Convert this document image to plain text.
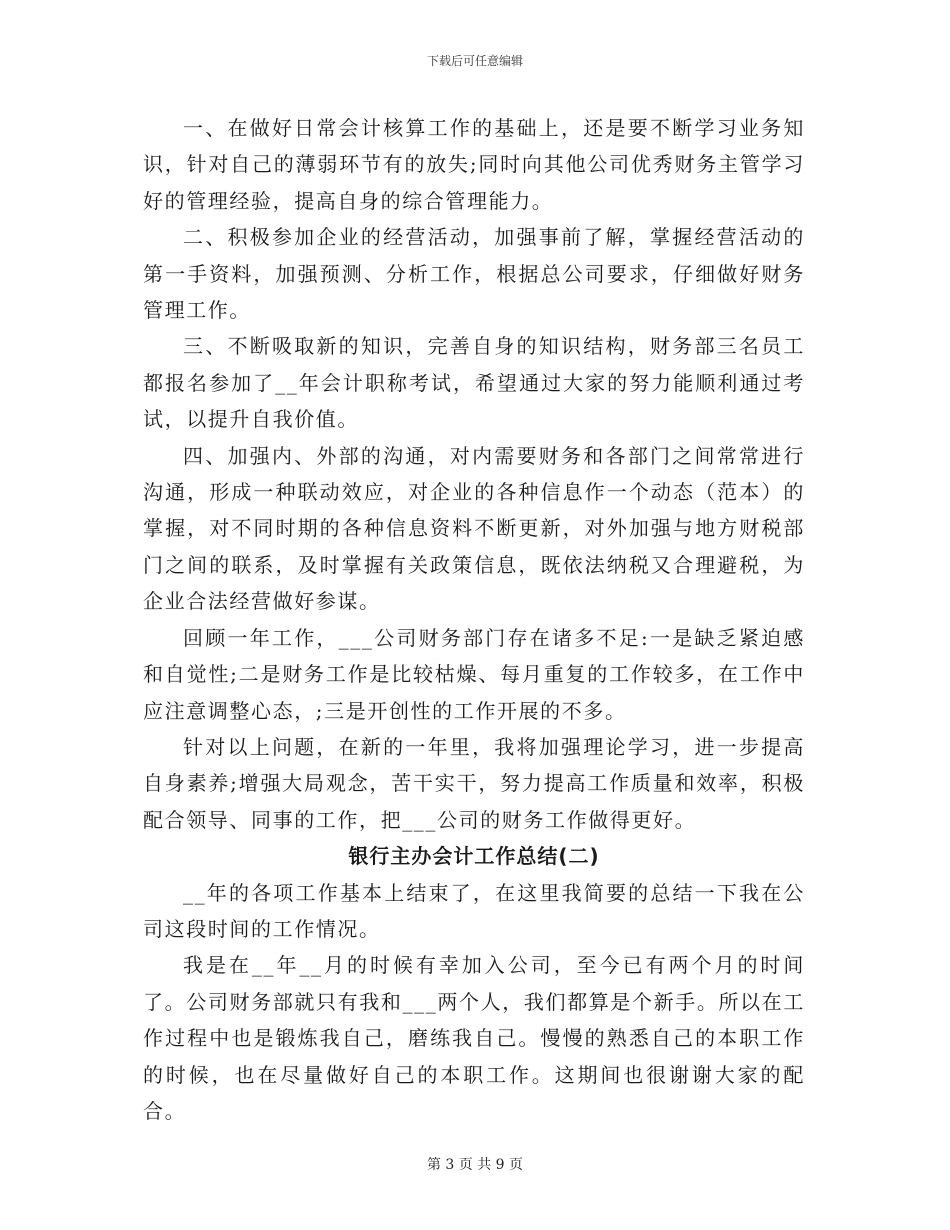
下载后可任意编辑

一、在做好日常会计核算工作的基础上，还是要不断学习业务知识，针对自己的薄弱环节有的放失;同时向其他公司优秀财务主管学习好的管理经验，提高自身的综合管理能力。

二、积极参加企业的经营活动，加强事前了解，掌握经营活动的第一手资料，加强预测、分析工作，根据总公司要求，仔细做好财务管理工作。

三、不断吸取新的知识，完善自身的知识结构，财务部三名员工都报名参加了__年会计职称考试，希望通过大家的努力能顺利通过考试，以提升自我价值。

四、加强内、外部的沟通，对内需要财务和各部门之间常常进行沟通，形成一种联动效应，对企业的各种信息作一个动态（范本）的掌握，对不同时期的各种信息资料不断更新，对外加强与地方财税部门之间的联系，及时掌握有关政策信息，既依法纳税又合理避税，为企业合法经营做好参谋。

回顾一年工作，___公司财务部门存在诸多不足:一是缺乏紧迫感和自觉性;二是财务工作是比较枯燥、每月重复的工作较多，在工作中应注意调整心态，;三是开创性的工作开展的不多。

针对以上问题，在新的一年里，我将加强理论学习，进一步提高自身素养;增强大局观念，苦干实干，努力提高工作质量和效率，积极配合领导、同事的工作，把___公司的财务工作做得更好。

银行主办会计工作总结(二)

__年的各项工作基本上结束了，在这里我简要的总结一下我在公司这段时间的工作情况。

我是在__年__月的时候有幸加入公司，至今已有两个月的时间了。公司财务部就只有我和___两个人，我们都算是个新手。所以在工作过程中也是锻炼我自己，磨练我自己。慢慢的熟悉自己的本职工作的时候，也在尽量做好自己的本职工作。这期间也很谢谢大家的配合。

第 3 页 共 9 页
